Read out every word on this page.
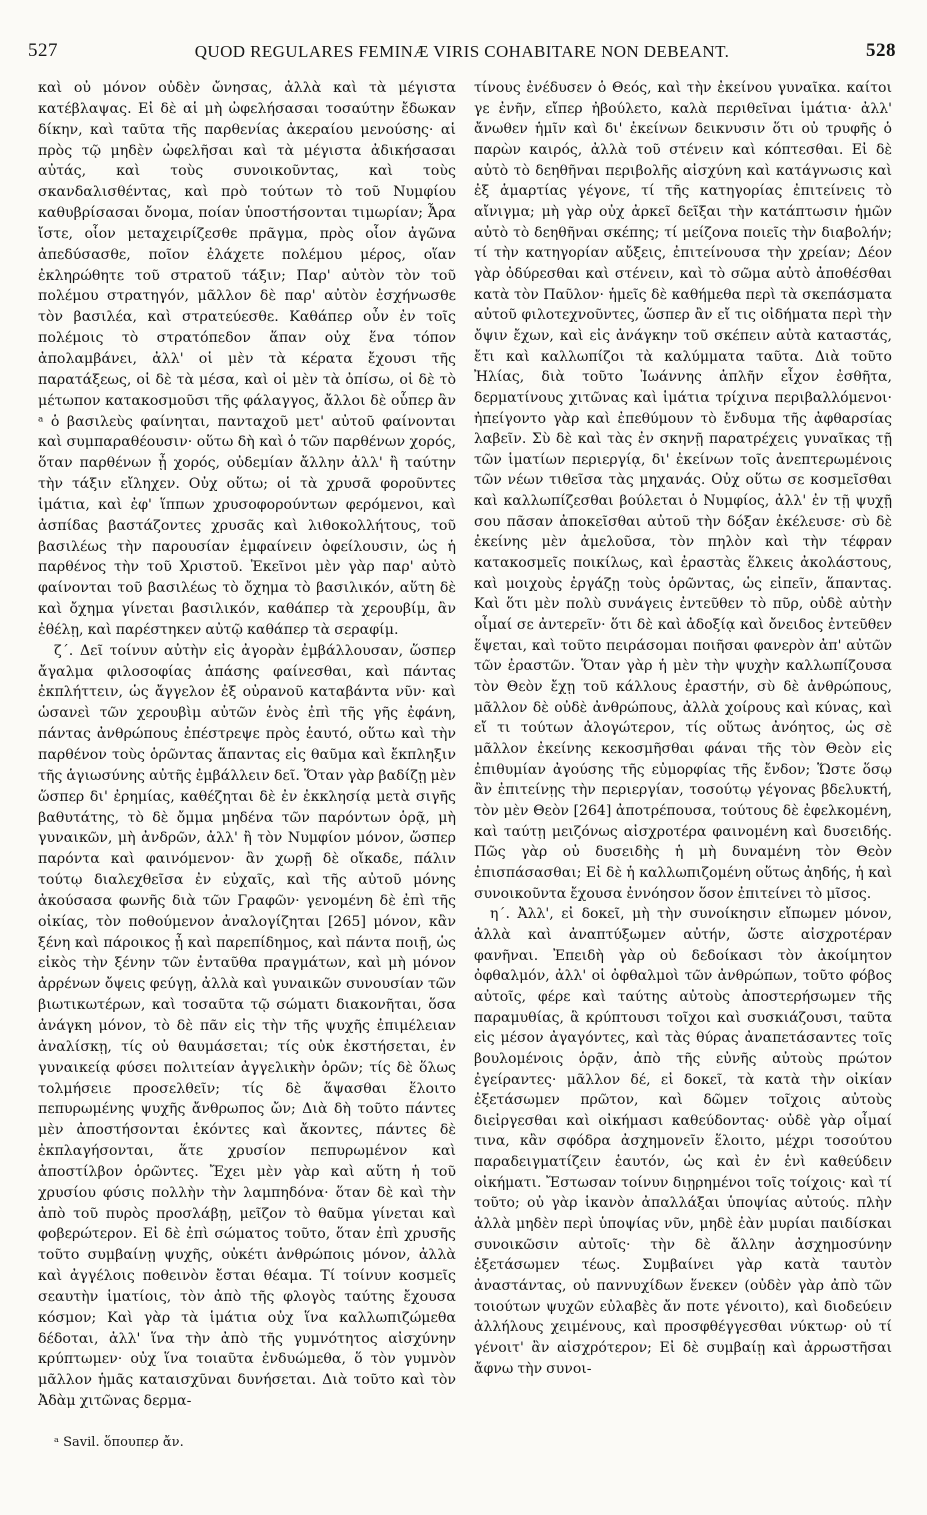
527	QUOD REGULARES FEMINÆ VIRIS COHABITARE NON DEBEANT.	528

καὶ οὐ μόνον οὐδὲν ὤνησας, ἀλλὰ καὶ τὰ μέγιστα κατέβλαψας. Εἰ δὲ αἱ μὴ ὠφελήσασαι τοσαύτην ἔδωκαν δίκην, καὶ ταῦτα τῆς παρθενίας ἀκεραίου μενούσης· αἱ πρὸς τῷ μηδὲν ὠφελῆσαι καὶ τὰ μέγιστα ἀδικήσασαι αὐτάς, καὶ τοὺς συνοικοῦντας, καὶ τοὺς σκανδαλισθέντας, καὶ πρὸ τούτων τὸ τοῦ Νυμφίου καθυβρίσασαι ὄνομα, ποίαν ὑποστήσονται τιμωρίαν; Ἆρα ἴστε, οἷον μεταχειρίζεσθε πρᾶγμα, πρὸς οἷον ἀγῶνα ἀπεδύσασθε, ποῖον ἐλάχετε πολέμου μέρος, οἵαν ἐκληρώθητε τοῦ στρατοῦ τάξιν; Παρ' αὐτὸν τὸν τοῦ πολέμου στρατηγόν, μᾶλλον δὲ παρ' αὐτὸν ἐσχήνωσθε τὸν βασιλέα, καὶ στρατεύεσθε. Καθάπερ οὖν ἐν τοῖς πολέμοις τὸ στρατόπεδον ἅπαν οὐχ ἕνα τόπον ἀπολαμβάνει, ἀλλ' οἱ μὲν τὰ κέρατα ἔχουσι τῆς παρατάξεως, οἱ δὲ τὰ μέσα, καὶ οἱ μὲν τὰ ὀπίσω, οἱ δὲ τὸ μέτωπον κατακοσμοῦσι τῆς φάλαγγος, ἄλλοι δὲ οὗπερ ἂν ᵃ ὁ βασιλεὺς φαίνηται, πανταχοῦ μετ' αὐτοῦ φαίνονται καὶ συμπαραθέουσιν· οὕτω δὴ καὶ ὁ τῶν παρθένων χορός, ὅταν παρθένων ᾖ χορός, οὐδεμίαν ἄλλην ἀλλ' ἢ ταύτην τὴν τάξιν εἴληχεν. Οὐχ οὕτω; οἱ τὰ χρυσᾶ φοροῦντες ἱμάτια, καὶ ἐφ' ἵππων χρυσοφορούντων φερόμενοι, καὶ ἀσπίδας βαστάζοντες χρυσᾶς καὶ λιθοκολλήτους, τοῦ βασιλέως τὴν παρουσίαν ἐμφαίνειν ὀφείλουσιν, ὡς ἡ παρθένος τὴν τοῦ Χριστοῦ. Ἐκεῖνοι μὲν γὰρ παρ' αὐτὸ φαίνονται τοῦ βασιλέως τὸ ὄχημα τὸ βασιλικόν, αὕτη δὲ καὶ ὄχημα γίνεται βασιλικόν, καθάπερ τὰ χερουβίμ, ἂν ἐθέλῃ, καὶ παρέστηκεν αὐτῷ καθάπερ τὰ σεραφίμ.

ζ΄. Δεῖ τοίνυν αὐτὴν εἰς ἀγορὰν ἐμβάλλουσαν, ὥσπερ ἄγαλμα φιλοσοφίας ἁπάσης φαίνεσθαι, καὶ πάντας ἐκπλήττειν, ὡς ἄγγελον ἐξ οὐρανοῦ καταβάντα νῦν· καὶ ὡσανεὶ τῶν χερουβὶμ αὐτῶν ἑνὸς ἐπὶ τῆς γῆς ἐφάνη, πάντας ἀνθρώπους ἐπέστρεψε πρὸς ἑαυτό, οὕτω καὶ τὴν παρθένον τοὺς ὁρῶντας ἅπαντας εἰς θαῦμα καὶ ἔκπληξιν τῆς ἁγιωσύνης αὐτῆς ἐμβάλλειν δεῖ. Ὅταν γὰρ βαδίζῃ μὲν ὥσπερ δι' ἐρημίας, καθέζηται δὲ ἐν ἐκκλησίᾳ μετὰ σιγῆς βαθυτάτης, τὸ δὲ ὄμμα μηδένα τῶν παρόντων ὁρᾷ, μὴ γυναικῶν, μὴ ἀνδρῶν, ἀλλ' ἢ τὸν Νυμφίον μόνον, ὥσπερ παρόντα καὶ φαινόμενον· ἂν χωρῇ δὲ οἴκαδε, πάλιν τούτῳ διαλεχθεῖσα ἐν εὐχαῖς, καὶ τῆς αὐτοῦ μόνης ἀκούσασα φωνῆς διὰ τῶν Γραφῶν· γενομένη δὲ ἐπὶ τῆς οἰκίας, τὸν ποθούμενον ἀναλογίζηται [265] μόνον, κἂν ξένη καὶ πάροικος ᾖ καὶ παρεπίδημος, καὶ πάντα ποιῇ, ὡς εἰκὸς τὴν ξένην τῶν ἐνταῦθα πραγμάτων, καὶ μὴ μόνον ἀρρένων ὄψεις φεύγῃ, ἀλλὰ καὶ γυναικῶν συνουσίαν τῶν βιωτικωτέρων, καὶ τοσαῦτα τῷ σώματι διακονῆται, ὅσα ἀνάγκη μόνον, τὸ δὲ πᾶν εἰς τὴν τῆς ψυχῆς ἐπιμέλειαν ἀναλίσκῃ, τίς οὐ θαυμάσεται; τίς οὐκ ἐκστήσεται, ἐν γυναικείᾳ φύσει πολιτείαν ἀγγελικὴν ὁρῶν; τίς δὲ ὅλως τολμήσειε προσελθεῖν; τίς δὲ ἅψασθαι ἕλοιτο πεπυρωμένης ψυχῆς ἄνθρωπος ὤν; Διὰ δὴ τοῦτο πάντες μὲν ἀποστήσονται ἑκόντες καὶ ἄκοντες, πάντες δὲ ἐκπλαγήσονται, ἅτε χρυσίον πεπυρωμένον καὶ ἀποστίλβον ὁρῶντες. Ἔχει μὲν γὰρ καὶ αὕτη ἡ τοῦ χρυσίου φύσις πολλὴν τὴν λαμπηδόνα· ὅταν δὲ καὶ τὴν ἀπὸ τοῦ πυρὸς προσλάβῃ, μεῖζον τὸ θαῦμα γίνεται καὶ φοβερώτερον. Εἰ δὲ ἐπὶ σώματος τοῦτο, ὅταν ἐπὶ χρυσῆς τοῦτο συμβαίνῃ ψυχῆς, οὐκέτι ἀνθρώποις μόνον, ἀλλὰ καὶ ἀγγέλοις ποθεινὸν ἔσται θέαμα. Τί τοίνυν κοσμεῖς σεαυτὴν ἱματίοις, τὸν ἀπὸ τῆς φλογὸς ταύτης ἔχουσα κόσμον; Καὶ γὰρ τὰ ἱμάτια οὐχ ἵνα καλλωπιζώμεθα δέδοται, ἀλλ' ἵνα τὴν ἀπὸ τῆς γυμνότητος αἰσχύνην κρύπτωμεν· οὐχ ἵνα τοιαῦτα ἐνδυώμεθα, ὅ τὸν γυμνὸν μᾶλλον ἡμᾶς καταισχῦναι δυνήσεται. Διὰ τοῦτο καὶ τὸν Ἀδὰμ χιτῶνας δερμα-

τίνους ἐνέδυσεν ὁ Θεός, καὶ τὴν ἐκείνου γυναῖκα. καίτοι γε ἐνῆν, εἴπερ ἠβούλετο, καλὰ περιθεῖναι ἱμάτια· ἀλλ' ἄνωθεν ἡμῖν καὶ δι' ἐκείνων δεικνυσιν ὅτι οὐ τρυφῆς ὁ παρὼν καιρός, ἀλλὰ τοῦ στένειν καὶ κόπτεσθαι. Εἰ δὲ αὐτὸ τὸ δεηθῆναι περιβολῆς αἰσχύνη καὶ κατάγνωσις καὶ ἐξ ἁμαρτίας γέγονε, τί τῆς κατηγορίας ἐπιτείνεις τὸ αἴνιγμα; μὴ γὰρ οὐχ ἀρκεῖ δεῖξαι τὴν κατάπτωσιν ἡμῶν αὐτὸ τὸ δεηθῆναι σκέπης; τί μείζονα ποιεῖς τὴν διαβολήν; τί τὴν κατηγορίαν αὔξεις, ἐπιτείνουσα τὴν χρείαν; Δέον γὰρ ὀδύρεσθαι καὶ στένειν, καὶ τὸ σῶμα αὐτὸ ἀποθέσθαι κατὰ τὸν Παῦλον· ἡμεῖς δὲ καθήμεθα περὶ τὰ σκεπάσματα αὐτοῦ φιλοτεχνοῦντες, ὥσπερ ἂν εἴ τις οἰδήματα περὶ τὴν ὄψιν ἔχων, καὶ εἰς ἀνάγκην τοῦ σκέπειν αὐτὰ καταστάς, ἔτι καὶ καλλωπίζοι τὰ καλύμματα ταῦτα. Διὰ τοῦτο Ἠλίας, διὰ τοῦτο Ἰωάννης ἁπλῆν εἶχον ἐσθῆτα, δερματίνους χιτῶνας καὶ ἱμάτια τρίχινα περιβαλλόμενοι· ἠπείγοντο γὰρ καὶ ἐπεθύμουν τὸ ἔνδυμα τῆς ἀφθαρσίας λαβεῖν. Σὺ δὲ καὶ τὰς ἐν σκηνῇ παρατρέχεις γυναῖκας τῇ τῶν ἱματίων περιεργίᾳ, δι' ἐκείνων τοῖς ἀνεπτερωμένοις τῶν νέων τιθεῖσα τὰς μηχανάς. Οὐχ οὕτω σε κοσμεῖσθαι καὶ καλλωπίζεσθαι βούλεται ὁ Νυμφίος, ἀλλ' ἐν τῇ ψυχῇ σου πᾶσαν ἀποκεῖσθαι αὐτοῦ τὴν δόξαν ἐκέλευσε· σὺ δὲ ἐκείνης μὲν ἀμελοῦσα, τὸν πηλὸν καὶ τὴν τέφραν κατακοσμεῖς ποικίλως, καὶ ἐραστὰς ἕλκεις ἀκολάστους, καὶ μοιχοὺς ἐργάζῃ τοὺς ὁρῶντας, ὡς εἰπεῖν, ἅπαντας. Καὶ ὅτι μὲν πολὺ συνάγεις ἐντεῦθεν τὸ πῦρ, οὐδὲ αὐτὴν οἶμαί σε ἀντερεῖν· ὅτι δὲ καὶ ἀδοξίᾳ καὶ ὄνειδος ἐντεῦθεν ἕψεται, καὶ τοῦτο πειράσομαι ποιῆσαι φανερὸν ἀπ' αὐτῶν τῶν ἐραστῶν. Ὅταν γὰρ ἡ μὲν τὴν ψυχὴν καλλωπίζουσα τὸν Θεὸν ἔχῃ τοῦ κάλλους ἐραστήν, σὺ δὲ ἀνθρώπους, μᾶλλον δὲ οὐδὲ ἀνθρώπους, ἀλλὰ χοίρους καὶ κύνας, καὶ εἴ τι τούτων ἀλογώτερον, τίς οὕτως ἀνόητος, ὡς σὲ μᾶλλον ἐκείνης κεκοσμῆσθαι φάναι τῆς τὸν Θεὸν εἰς ἐπιθυμίαν ἀγούσης τῆς εὐμορφίας τῆς ἔνδον; Ὥστε ὅσῳ ἂν ἐπιτείνῃς τὴν περιεργίαν, τοσούτῳ γέγονας βδελυκτή, τὸν μὲν Θεὸν [264] ἀποτρέπουσα, τούτους δὲ ἐφελκομένη, καὶ ταύτῃ μειζόνως αἰσχροτέρα φαινομένη καὶ δυσειδής. Πῶς γὰρ οὐ δυσειδὴς ἡ μὴ δυναμένη τὸν Θεὸν ἐπισπάσασθαι; Εἰ δὲ ἡ καλλωπιζομένη οὕτως ἀηδής, ἡ καὶ συνοικοῦντα ἔχουσα ἐννόησον ὅσον ἐπιτείνει τὸ μῖσος.

η΄. Ἀλλ', εἰ δοκεῖ, μὴ τὴν συνοίκησιν εἴπωμεν μόνον, ἀλλὰ καὶ ἀναπτύξωμεν αὐτήν, ὥστε αἰσχροτέραν φανῆναι. Ἐπειδὴ γὰρ οὐ δεδοίκασι τὸν ἀκοίμητον ὀφθαλμόν, ἀλλ' οἱ ὀφθαλμοὶ τῶν ἀνθρώπων, τοῦτο φόβος αὐτοῖς, φέρε καὶ ταύτης αὐτοὺς ἀποστερήσωμεν τῆς παραμυθίας, ἃ κρύπτουσι τοῖχοι καὶ συσκιάζουσι, ταῦτα εἰς μέσον ἀγαγόντες, καὶ τὰς θύρας ἀναπετάσαντες τοῖς βουλομένοις ὁρᾷν, ἀπὸ τῆς εὐνῆς αὐτοὺς πρώτον ἐγείραντες· μᾶλλον δέ, εἰ δοκεῖ, τὰ κατὰ τὴν οἰκίαν ἐξετάσωμεν πρῶτον, καὶ δῶμεν τοῖχοις αὐτοὺς διεἰργεσθαι καὶ οἰκήμασι καθεύδοντας· οὐδὲ γὰρ οἶμαί τινα, κἂν σφόδρα ἀσχημονεῖν ἕλοιτο, μέχρι τοσούτου παραδειγματίζειν ἑαυτόν, ὡς καὶ ἐν ἑνὶ καθεύδειν οἰκήματι. Ἔστωσαν τοίνυν διῃρημένοι τοῖς τοίχοις· καὶ τί τοῦτο; οὐ γὰρ ἱκανὸν ἀπαλλάξαι ὑποψίας αὐτούς. πλὴν ἀλλὰ μηδὲν περὶ ὑποψίας νῦν, μηδὲ ἐὰν μυρίαι παιδίσκαι συνοικῶσιν αὐτοῖς· τὴν δὲ ἄλλην ἀσχημοσύνην ἐξετάσωμεν τέως. Συμβαίνει γὰρ κατὰ ταυτὸν ἀναστάντας, οὐ παννυχίδων ἕνεκεν (οὐδὲν γὰρ ἀπὸ τῶν τοιούτων ψυχῶν εὐλαβὲς ἄν ποτε γένοιτο), καὶ διοδεύειν ἀλλήλους χειμένους, καὶ προσφθέγγεσθαι νύκτωρ· οὐ τί γένοιτ' ἂν αἰσχρότερον; Εἰ δὲ συμβαίῃ καὶ ἀρρωστῆσαι ἄφνω τὴν συνοι-

ᵃ Savil. ὅπουπερ ἄν.
